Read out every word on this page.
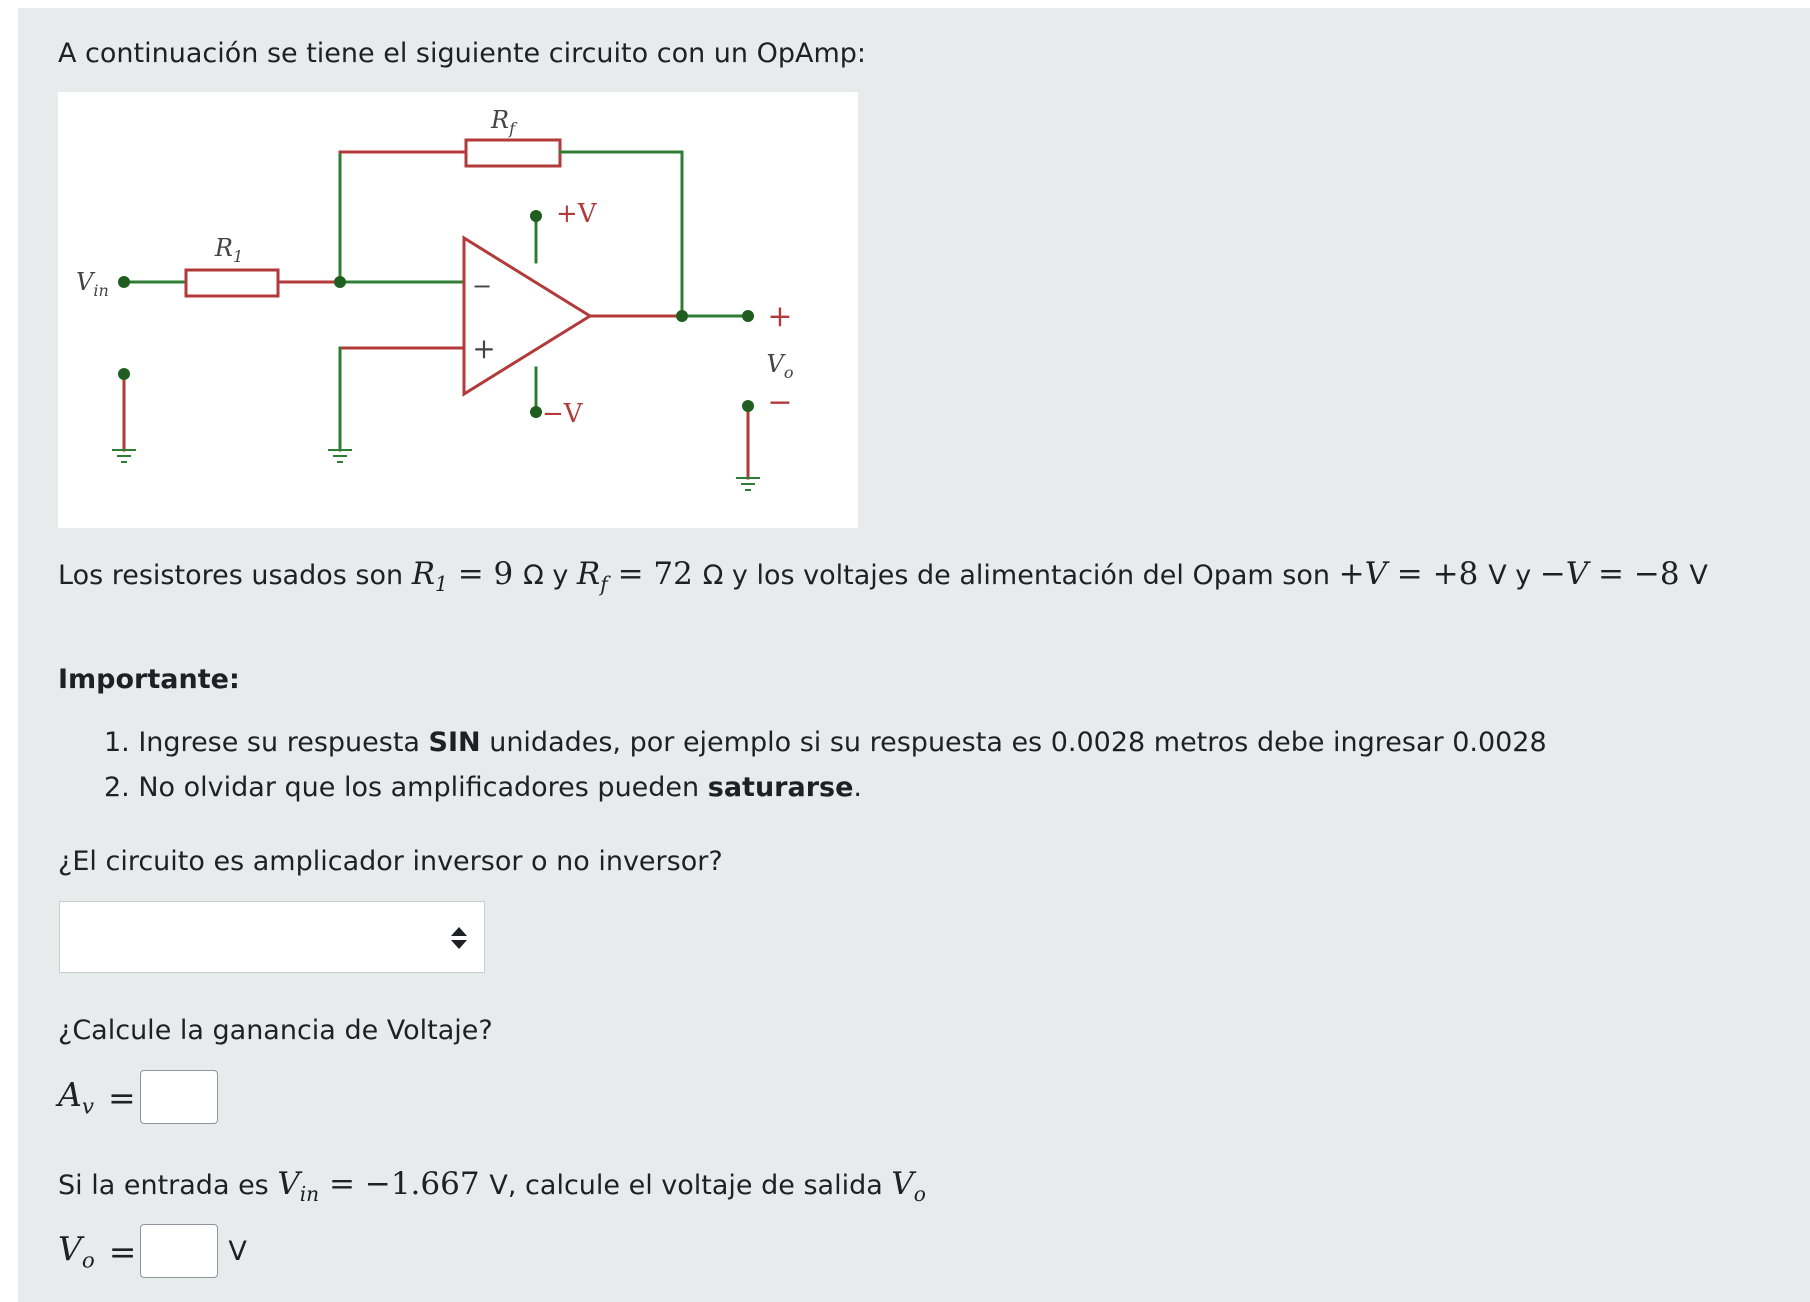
A continuación se tiene el siguiente circuito con un OpAmp:
$R_f$
$R_1$
$V_{in}$
+V
−V
−
+
+
−
$V_o$
Los resistores usados son $R_1 = 9$ Ω y $R_f = 72$ Ω y los voltajes de alimentación del Opam son +V = +8 V y −V = −8 V
Importante:
1. Ingrese su respuesta SIN unidades, por ejemplo si su respuesta es 0.0028 metros debe ingresar 0.0028
2. No olvidar que los amplificadores pueden saturarse.
¿El circuito es amplicador inversor o no inversor?
¿Calcule la ganancia de Voltaje?
$A_v$ =
Si la entrada es $V_{in} = -1.667$ V, calcule el voltaje de salida $V_o$
$V_o$ =	V
